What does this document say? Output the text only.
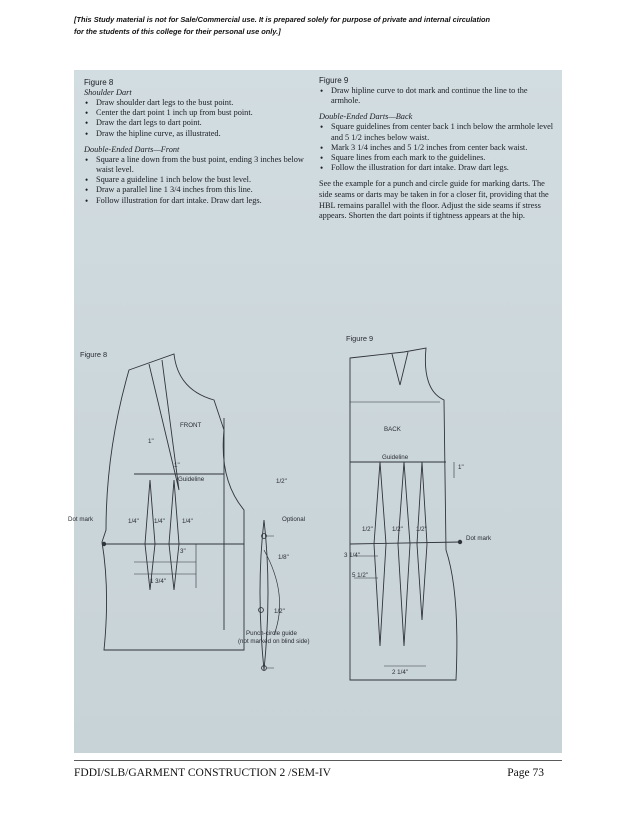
[This Study material is not for Sale/Commercial use. It is prepared solely for purpose of private and internal circulation
for the students of this college for their personal use only.]
Figure 8
Shoulder Dart
• Draw shoulder dart legs to the bust point.
• Center the dart point 1 inch up from bust point.
• Draw the dart legs to dart point.
• Draw the hipline curve, as illustrated.
Double-Ended Darts—Front
• Square a line down from the bust point, ending 3 inches below waist level.
• Square a guideline 1 inch below the bust level.
• Draw a parallel line 1 3/4 inches from this line.
• Follow illustration for dart intake. Draw dart legs.
Figure 9
• Draw hipline curve to dot mark and continue the line to the armhole.
Double-Ended Darts—Back
• Square guidelines from center back 1 inch below the armhole level and 5 1/2 inches below waist.
• Mark 3 1/4 inches and 5 1/2 inches from center back waist.
• Square lines from each mark to the guidelines.
• Follow the illustration for dart intake. Draw dart legs.
See the example for a punch and circle guide for marking darts. The side seams or darts may be taken in for a closer fit, providing that the HBL remains parallel with the floor. Adjust the side seams if stress appears. Shorten the dart points if tightness appears at the hip.
Figure 8
Figure 9
FRONT
1"
1"
Guideline
Dot mark	1/4" 1/4"	1/4"
3"
1 3/4"
1/2"
Optional
1/8"
1/2"
Punch-circle guide
(not marked on blind side)
BACK
Guideline
1"
1/2"	1/2" 1/2"
Dot mark
3 1/4"
5 1/2"
2 1/4"
FDDI/SLB/GARMENT CONSTRUCTION 2 /SEM-IV	Page 73
